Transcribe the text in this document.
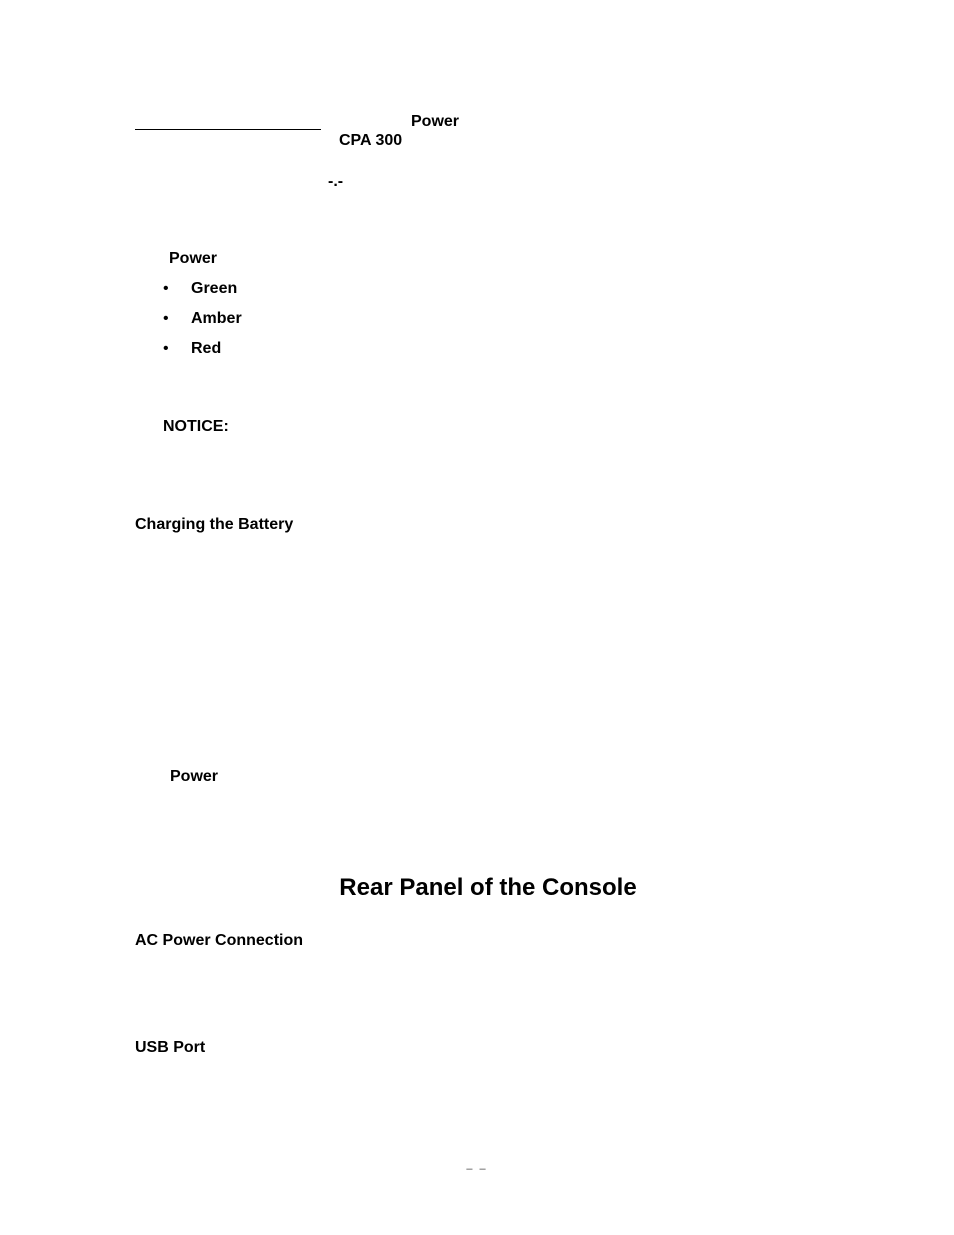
Power
CPA 300
-.-
Power
• Green
• Amber
• Red
NOTICE:
Charging the Battery
Power
Rear Panel of the Console
AC Power Connection
USB Port
– –
